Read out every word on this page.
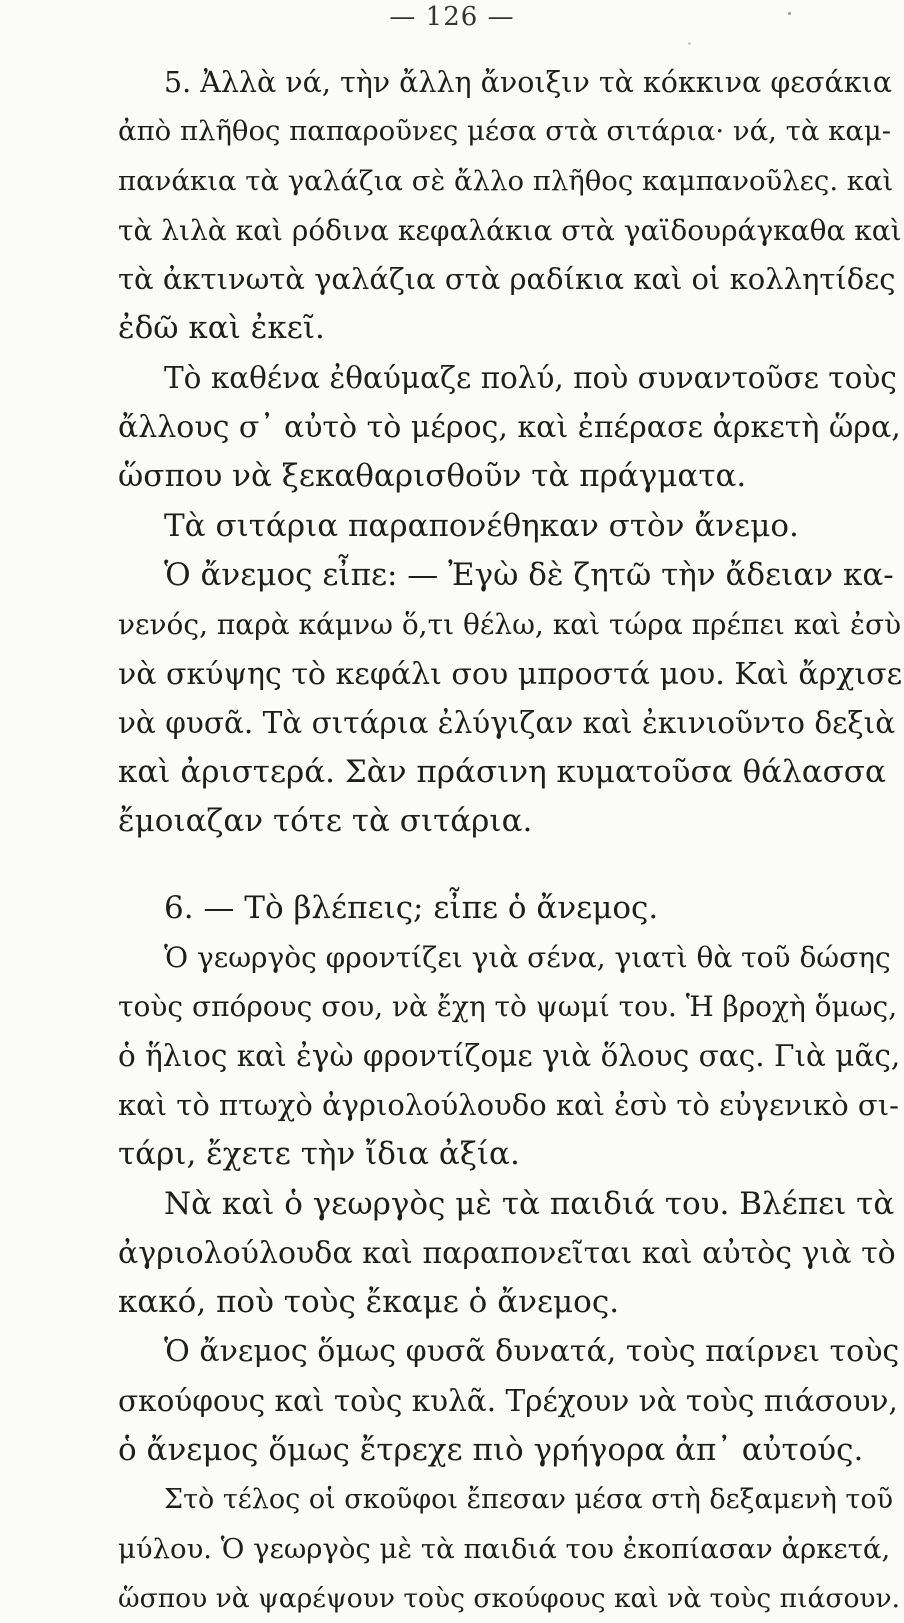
— 126 —
5. Ἀλλὰ νά, τὴν ἄλλη ἄνοιξιν τὰ κόκκινα φεσάκια
ἀπὸ πλῆθος παπαροῦνες μέσα στὰ σιτάρια· νά, τὰ καμ-
πανάκια τὰ γαλάζια σὲ ἄλλο πλῆθος καμπανοῦλες. καὶ
τὰ λιλὰ καὶ ρόδινα κεφαλάκια στὰ γαϊδουράγκαθα καὶ
τὰ ἀκτινωτὰ γαλάζια στὰ ραδίκια καὶ οἱ κολλητίδες
ἐδῶ καὶ ἐκεῖ.
Τὸ καθένα ἐθαύμαζε πολύ, ποὺ συναντοῦσε τοὺς
ἄλλους σ᾽ αὐτὸ τὸ μέρος, καὶ ἐπέρασε ἀρκετὴ ὥρα,
ὥσπου νὰ ξεκαθαρισθοῦν τὰ πράγματα.
Τὰ σιτάρια παραπονέθηκαν στὸν ἄνεμο.
Ὁ ἄνεμος εἶπε: — Ἐγὼ δὲ ζητῶ τὴν ἄδειαν κα-
νενός, παρὰ κάμνω ὅ,τι θέλω, καὶ τώρα πρέπει καὶ ἐσὺ
νὰ σκύψης τὸ κεφάλι σου μπροστά μου. Καὶ ἄρχισε
νὰ φυσᾶ. Τὰ σιτάρια ἐλύγιζαν καὶ ἐκινιοῦντο δεξιὰ
καὶ ἀριστερά. Σὰν πράσινη κυματοῦσα θάλασσα
ἔμοιαζαν τότε τὰ σιτάρια.
6. — Τὸ βλέπεις; εἶπε ὁ ἄνεμος.
Ὁ γεωργὸς φροντίζει γιὰ σένα, γιατὶ θὰ τοῦ δώσης
τοὺς σπόρους σου, νὰ ἔχη τὸ ψωμί του. Ἡ βροχὴ ὅμως,
ὁ ἥλιος καὶ ἐγὼ φροντίζομε γιὰ ὅλους σας. Γιὰ μᾶς,
καὶ τὸ πτωχὸ ἀγριολούλουδο καὶ ἐσὺ τὸ εὐγενικὸ σι-
τάρι, ἔχετε τὴν ἴδια ἀξία.
Νὰ καὶ ὁ γεωργὸς μὲ τὰ παιδιά του. Βλέπει τὰ
ἀγριολούλουδα καὶ παραπονεῖται καὶ αὐτὸς γιὰ τὸ
κακό, ποὺ τοὺς ἔκαμε ὁ ἄνεμος.
Ὁ ἄνεμος ὅμως φυσᾶ δυνατά, τοὺς παίρνει τοὺς
σκούφους καὶ τοὺς κυλᾶ. Τρέχουν νὰ τοὺς πιάσουν,
ὁ ἄνεμος ὅμως ἔτρεχε πιὸ γρήγορα ἀπ᾽ αὐτούς.
Στὸ τέλος οἱ σκοῦφοι ἔπεσαν μέσα στὴ δεξαμενὴ τοῦ
μύλου. Ὁ γεωργὸς μὲ τὰ παιδιά του ἐκοπίασαν ἀρκετά,
ὥσπου νὰ ψαρέψουν τοὺς σκούφους καὶ νὰ τοὺς πιάσουν.
